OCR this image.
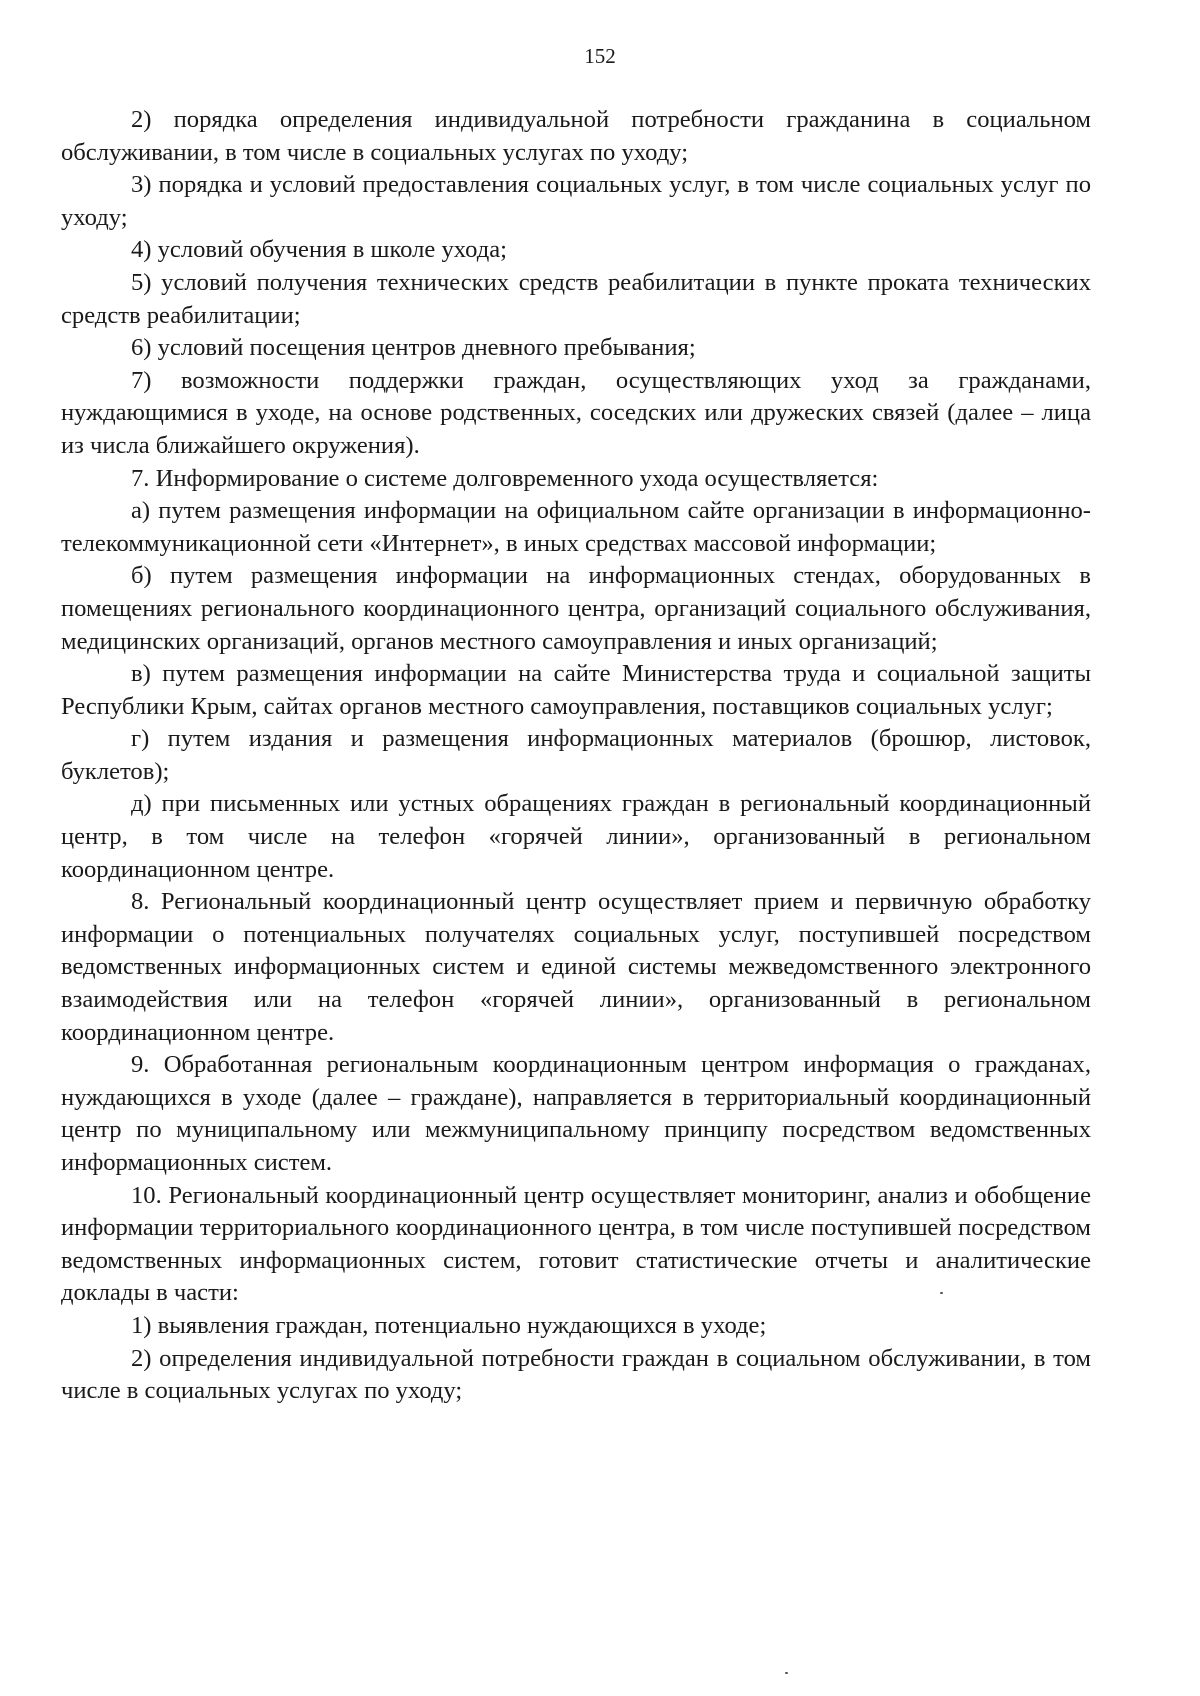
152

2) порядка определения индивидуальной потребности гражданина в социальном обслуживании, в том числе в социальных услугах по уходу;

3) порядка и условий предоставления социальных услуг, в том числе социальных услуг по уходу;

4) условий обучения в школе ухода;

5) условий получения технических средств реабилитации в пункте проката технических средств реабилитации;

6) условий посещения центров дневного пребывания;

7) возможности поддержки граждан, осуществляющих уход за гражданами, нуждающимися в уходе, на основе родственных, соседских или дружеских связей (далее – лица из числа ближайшего окружения).

7. Информирование о системе долговременного ухода осуществляется:

а) путем размещения информации на официальном сайте организации в информационно-телекоммуникационной сети «Интернет», в иных средствах массовой информации;

б) путем размещения информации на информационных стендах, оборудованных в помещениях регионального координационного центра, организаций социального обслуживания, медицинских организаций, органов местного самоуправления и иных организаций;

в) путем размещения информации на сайте Министерства труда и социальной защиты Республики Крым, сайтах органов местного самоуправления, поставщиков социальных услуг;

г) путем издания и размещения информационных материалов (брошюр, листовок, буклетов);

д) при письменных или устных обращениях граждан в региональный координационный центр, в том числе на телефон «горячей линии», организованный в региональном координационном центре.

8. Региональный координационный центр осуществляет прием и первичную обработку информации о потенциальных получателях социальных услуг, поступившей посредством ведомственных информационных систем и единой системы межведомственного электронного взаимодействия или на телефон «горячей линии», организованный в региональном координационном центре.

9. Обработанная региональным координационным центром информация о гражданах, нуждающихся в уходе (далее – граждане), направляется в территориальный координационный центр по муниципальному или межмуниципальному принципу посредством ведомственных информационных систем.

10. Региональный координационный центр осуществляет мониторинг, анализ и обобщение информации территориального координационного центра, в том числе поступившей посредством ведомственных информационных систем, готовит статистические отчеты и аналитические доклады в части:

1) выявления граждан, потенциально нуждающихся в уходе;

2) определения индивидуальной потребности граждан в социальном обслуживании, в том числе в социальных услугах по уходу;
